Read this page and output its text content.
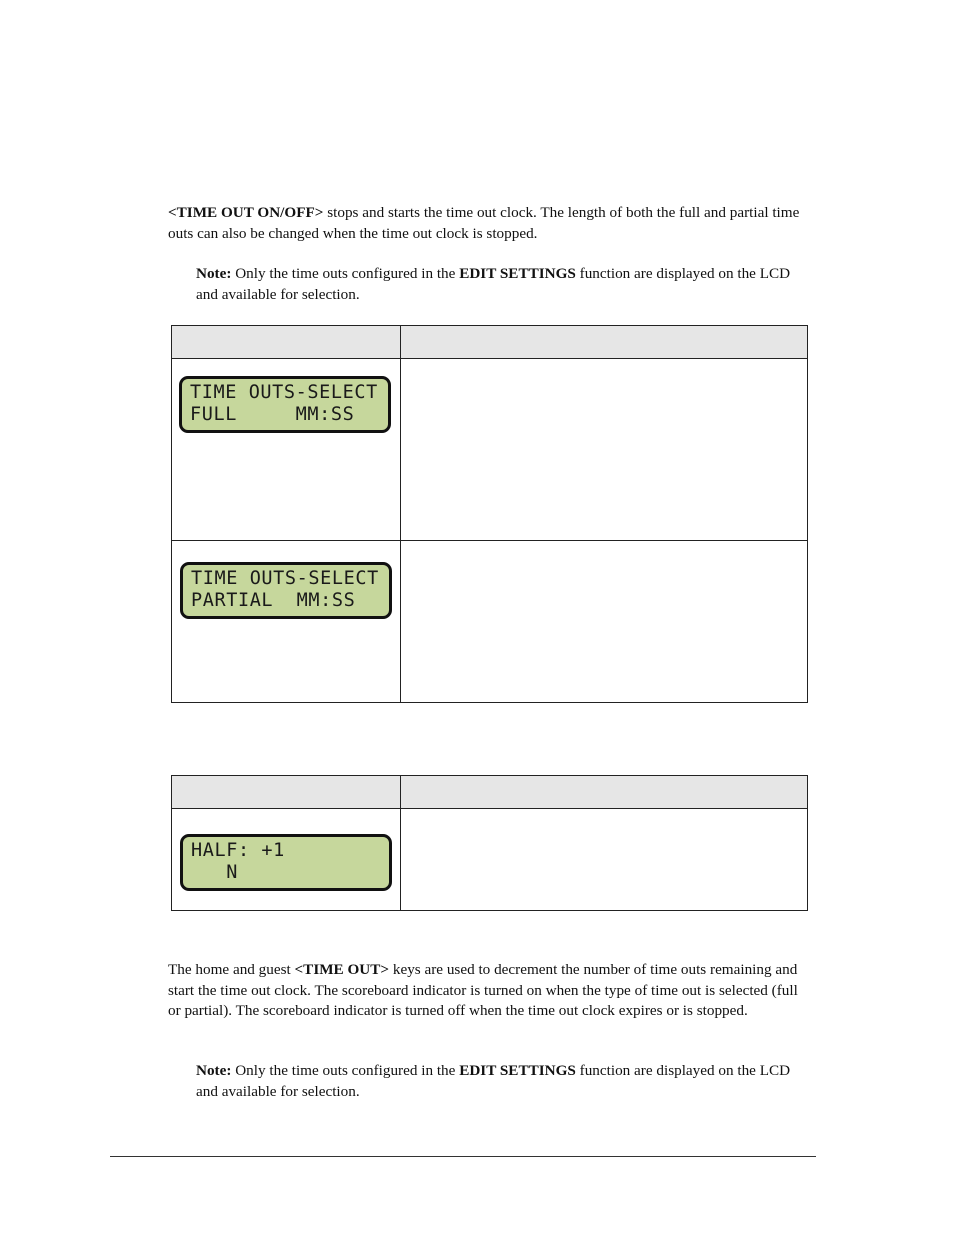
<TIME OUT ON/OFF> stops and starts the time out clock. The length of both the full and partial time outs can also be changed when the time out clock is stopped.

Note: Only the time outs configured in the EDIT SETTINGS function are displayed on the LCD and available for selection.

TIME OUTS-SELECT
FULL     MM:SS	

TIME OUTS-SELECT
PARTIAL  MM:SS	

HALF: +1
N	

The home and guest <TIME OUT> keys are used to decrement the number of time outs remaining and start the time out clock. The scoreboard indicator is turned on when the type of time out is selected (full or partial). The scoreboard indicator is turned off when the time out clock expires or is stopped.

Note: Only the time outs configured in the EDIT SETTINGS function are displayed on the LCD and available for selection.
